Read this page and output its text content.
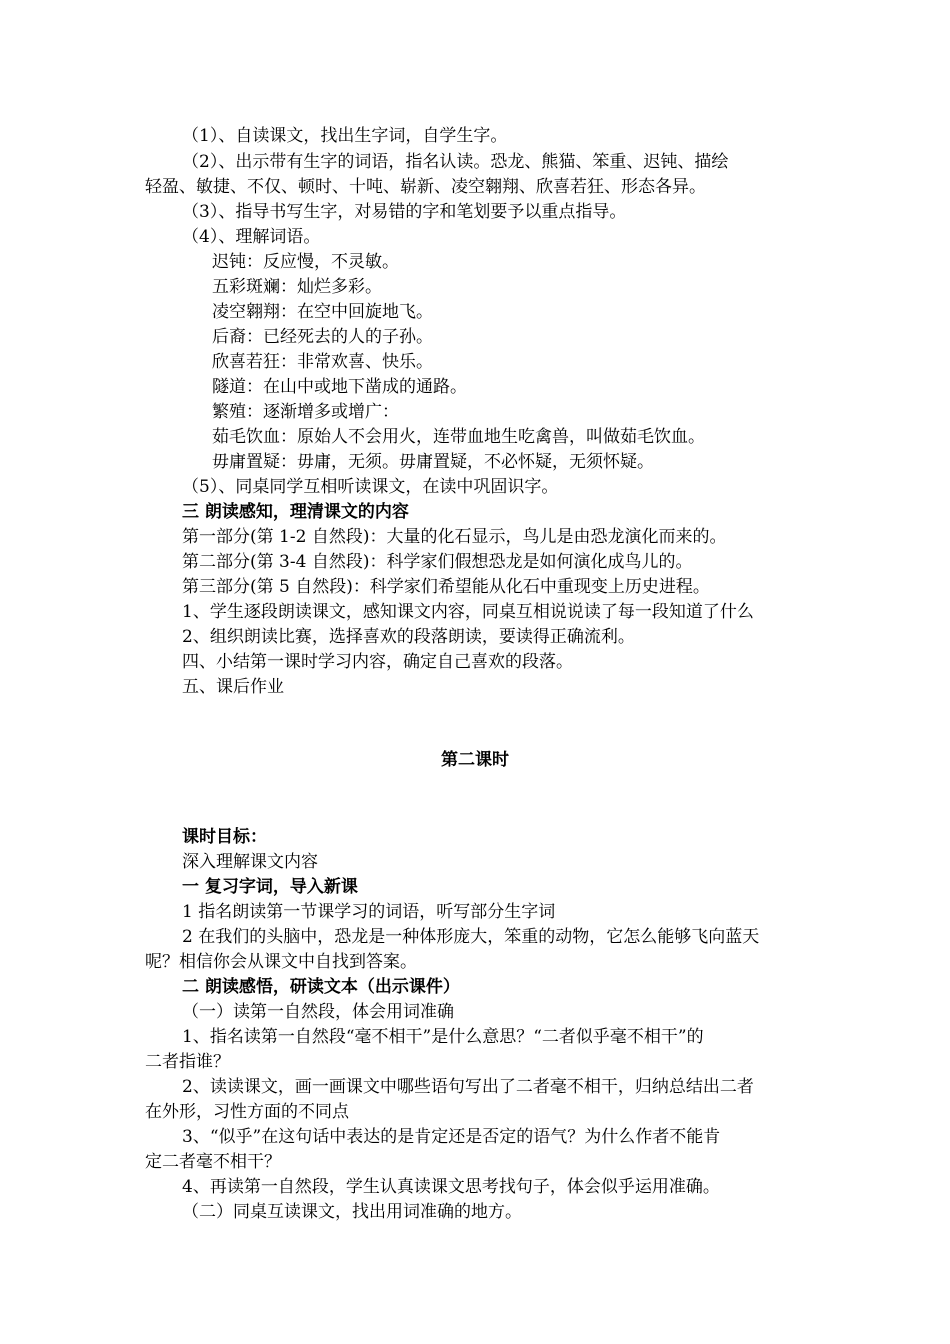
（1）、自读课文，找出生字词，自学生字。
（2）、出示带有生字的词语，指名认读。恐龙、熊猫、笨重、迟钝、描绘
轻盈、敏捷、不仅、顿时、十吨、崭新、凌空翱翔、欣喜若狂、形态各异。
（3）、指导书写生字，对易错的字和笔划要予以重点指导。
（4）、理解词语。
迟钝：反应慢，不灵敏。
五彩斑斓：灿烂多彩。
凌空翱翔：在空中回旋地飞。
后裔：已经死去的人的子孙。
欣喜若狂：非常欢喜、快乐。
隧道：在山中或地下凿成的通路。
繁殖：逐渐增多或增广：
茹毛饮血：原始人不会用火，连带血地生吃禽兽，叫做茹毛饮血。
毋庸置疑：毋庸，无须。毋庸置疑，不必怀疑，无须怀疑。
（5）、同桌同学互相听读课文，在读中巩固识字。
三 朗读感知，理清课文的内容
第一部分(第 1-2 自然段)：大量的化石显示，鸟儿是由恐龙演化而来的。
第二部分(第 3-4 自然段)：科学家们假想恐龙是如何演化成鸟儿的。
第三部分(第 5 自然段)：科学家们希望能从化石中重现变上历史进程。
1、学生逐段朗读课文，感知课文内容，同桌互相说说读了每一段知道了什么
2、组织朗读比赛，选择喜欢的段落朗读，要读得正确流利。
四、小结第一课时学习内容，确定自己喜欢的段落。
五、课后作业
第二课时
课时目标：
深入理解课文内容
一 复习字词，导入新课
1 指名朗读第一节课学习的词语，听写部分生字词
2 在我们的头脑中，恐龙是一种体形庞大，笨重的动物，它怎么能够飞向蓝天
呢？相信你会从课文中自找到答案。
二 朗读感悟，研读文本（出示课件）
（一）读第一自然段，体会用词准确
1、指名读第一自然段“毫不相干”是什么意思？“二者似乎毫不相干”的
二者指谁？
2、读读课文，画一画课文中哪些语句写出了二者毫不相干，归纳总结出二者
在外形，习性方面的不同点
3、“似乎”在这句话中表达的是肯定还是否定的语气？为什么作者不能肯
定二者毫不相干？
4、再读第一自然段，学生认真读课文思考找句子，体会似乎运用准确。
（二）同桌互读课文，找出用词准确的地方。
